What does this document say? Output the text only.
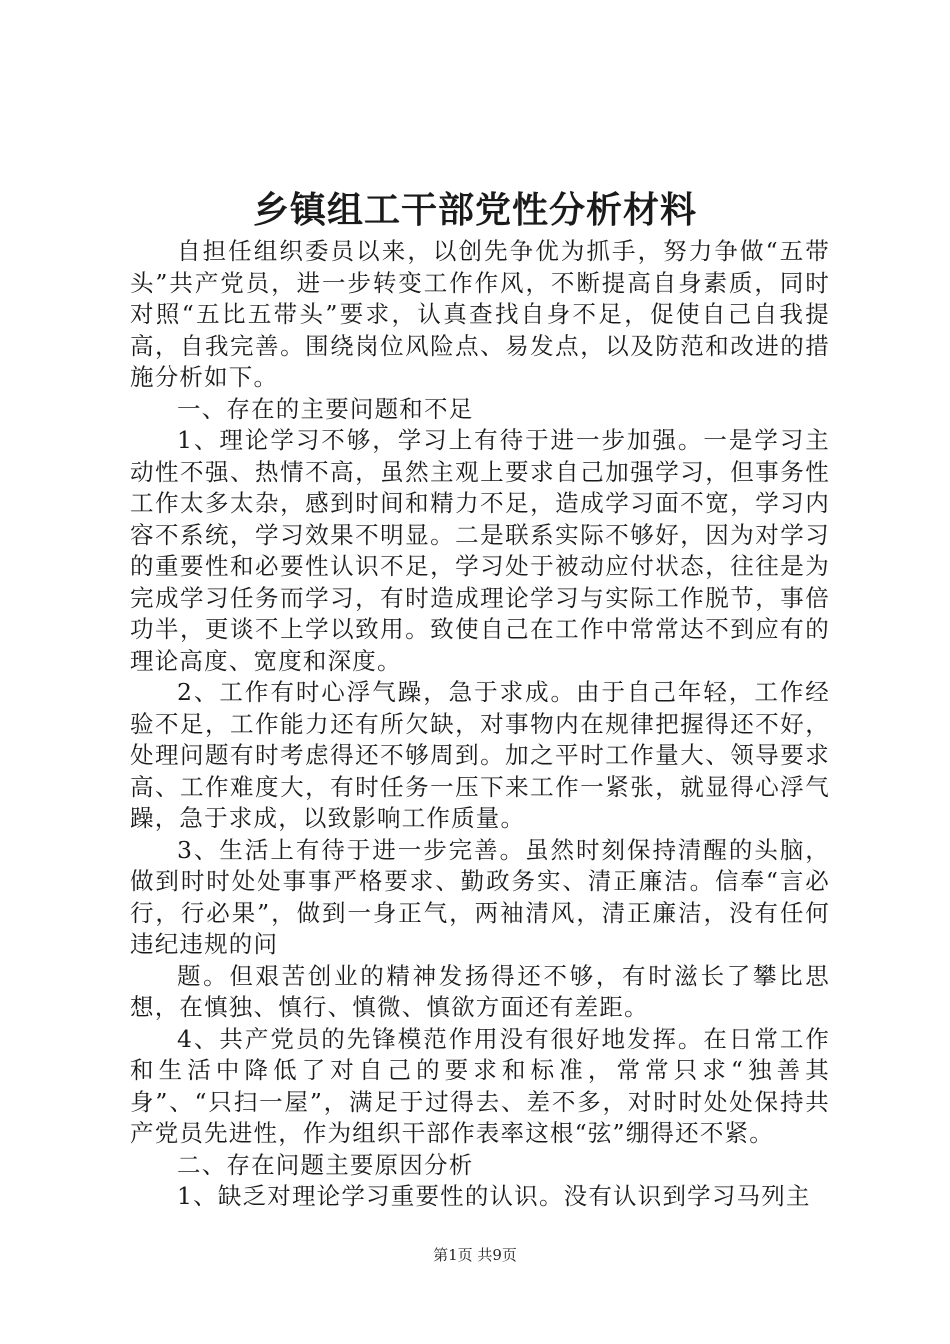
乡镇组工干部党性分析材料

自担任组织委员以来，以创先争优为抓手，努力争做“五带头”共产党员，进一步转变工作作风，不断提高自身素质，同时对照“五比五带头”要求，认真查找自身不足，促使自己自我提高，自我完善。围绕岗位风险点、易发点，以及防范和改进的措施分析如下。

一、存在的主要问题和不足

1、理论学习不够，学习上有待于进一步加强。一是学习主动性不强、热情不高，虽然主观上要求自己加强学习，但事务性工作太多太杂，感到时间和精力不足，造成学习面不宽，学习内容不系统，学习效果不明显。二是联系实际不够好，因为对学习的重要性和必要性认识不足，学习处于被动应付状态，往往是为完成学习任务而学习，有时造成理论学习与实际工作脱节，事倍功半，更谈不上学以致用。致使自己在工作中常常达不到应有的理论高度、宽度和深度。

2、工作有时心浮气躁，急于求成。由于自己年轻，工作经验不足，工作能力还有所欠缺，对事物内在规律把握得还不好，处理问题有时考虑得还不够周到。加之平时工作量大、领导要求高、工作难度大，有时任务一压下来工作一紧张，就显得心浮气躁，急于求成，以致影响工作质量。

3、生活上有待于进一步完善。虽然时刻保持清醒的头脑，做到时时处处事事严格要求、勤政务实、清正廉洁。信奉“言必行，行必果”，做到一身正气，两袖清风，清正廉洁，没有任何违纪违规的问

题。但艰苦创业的精神发扬得还不够，有时滋长了攀比思想，在慎独、慎行、慎微、慎欲方面还有差距。

4、共产党员的先锋模范作用没有很好地发挥。在日常工作和生活中降低了对自己的要求和标准，常常只求“独善其身”、“只扫一屋”，满足于过得去、差不多，对时时处处保持共产党员先进性，作为组织干部作表率这根“弦”绷得还不紧。

二、存在问题主要原因分析

1、缺乏对理论学习重要性的认识。没有认识到学习马列主

第1页 共9页
